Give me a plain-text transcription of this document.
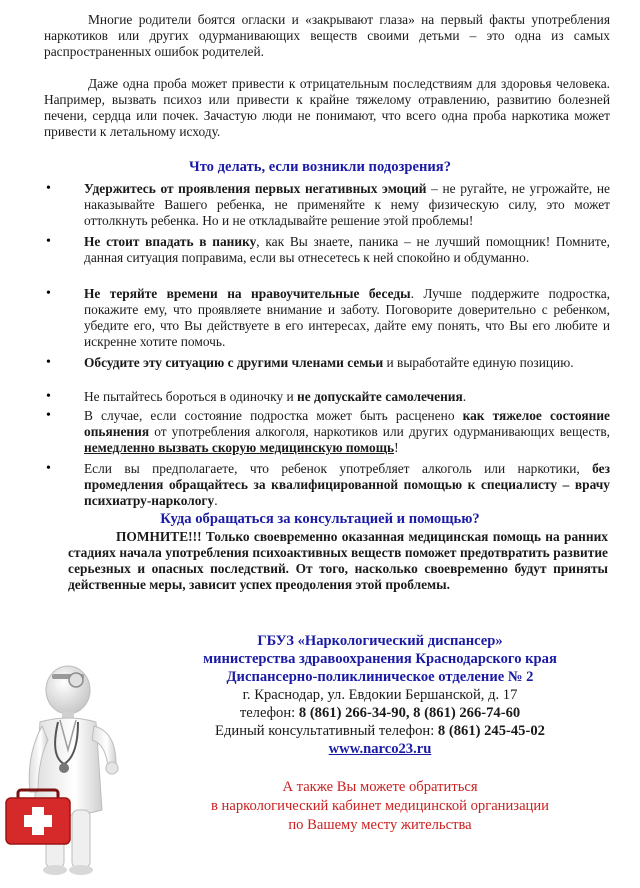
Многие родители боятся огласки и «закрывают глаза» на первый факты употребления наркотиков или других одурманивающих веществ своими детьми – это одна из самых распространенных ошибок родителей.

Даже одна проба может привести к отрицательным последствиям для здоровья человека. Например, вызвать психоз или привести к крайне тяжелому отравлению, развитию болезней печени, сердца или почек. Зачастую люди не понимают, что всего одна проба наркотика может привести к летальному исходу.

Что делать, если возникли подозрения?

• Удержитесь от проявления первых негативных эмоций – не ругайте, не угрожайте, не наказывайте Вашего ребенка, не применяйте к нему физическую силу, это может оттолкнуть ребенка. Но и не откладывайте решение этой проблемы!

• Не стоит впадать в панику, как Вы знаете, паника – не лучший помощник! Помните, данная ситуация поправима, если вы отнесетесь к ней спокойно и обдуманно.

• Не теряйте времени на нравоучительные беседы. Лучше поддержите подростка, покажите ему, что проявляете внимание и заботу. Поговорите доверительно с ребенком, убедите его, что Вы действуете в его интересах, дайте ему понять, что Вы его любите и искренне хотите помочь.

• Обсудите эту ситуацию с другими членами семьи и выработайте единую позицию.

• Не пытайтесь бороться в одиночку и не допускайте самолечения.

• В случае, если состояние подростка может быть расценено как тяжелое состояние опьянения от употребления алкоголя, наркотиков или других одурманивающих веществ, немедленно вызвать скорую медицинскую помощь!

• Если вы предполагаете, что ребенок употребляет алкоголь или наркотики, без промедления обращайтесь за квалифицированной помощью к специалисту – врачу психиатру-наркологу.

Куда обращаться за консультацией и помощью?

ПОМНИТЕ!!! Только своевременно оказанная медицинская помощь на ранних стадиях начала употребления психоактивных веществ поможет предотвратить развитие серьезных и опасных последствий. От того, насколько своевременно будут приняты действенные меры, зависит успех преодоления этой проблемы.

ГБУЗ «Наркологический диспансер»

министерства здравоохранения Краснодарского края

Диспансерно-поликлиническое отделение № 2

г. Краснодар, ул. Евдокии Бершанской, д. 17

телефон: 8 (861) 266-34-90, 8 (861) 266-74-60

Единый консультативный телефон: 8 (861) 245-45-02

www.narco23.ru

А также Вы можете обратиться

в наркологический кабинет медицинской организации

по Вашему месту жительства
